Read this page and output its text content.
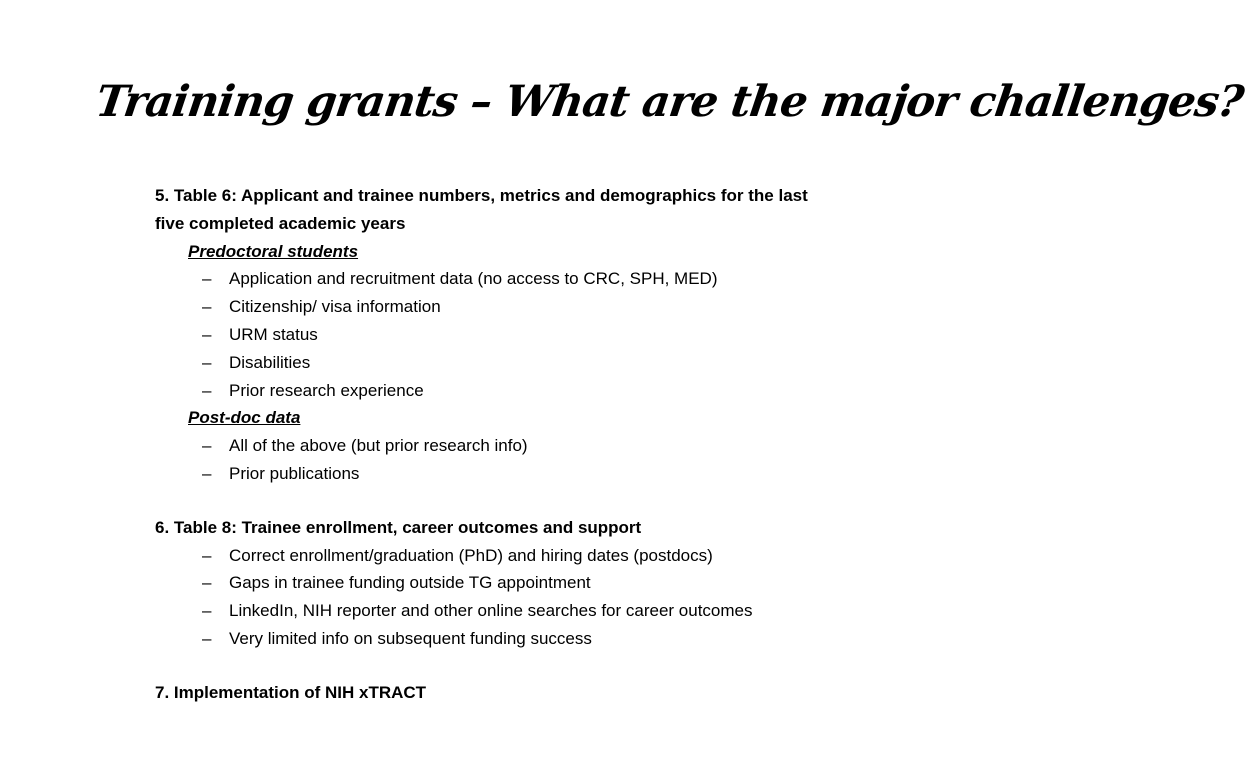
Training grants – What are the major challenges?

5. Table 6: Applicant and trainee numbers, metrics and demographics for the last

five completed academic years

Predoctoral students

– Application and recruitment data (no access to CRC, SPH, MED)
– Citizenship/ visa information
– URM status
– Disabilities
– Prior research experience

Post-doc data

– All of the above (but prior research info)
– Prior publications

6. Table 8: Trainee enrollment, career outcomes and support

– Correct enrollment/graduation (PhD) and hiring dates (postdocs)
– Gaps in trainee funding outside TG appointment
– LinkedIn, NIH reporter and other online searches for career outcomes
– Very limited info on subsequent funding success

7. Implementation of NIH xTRACT
